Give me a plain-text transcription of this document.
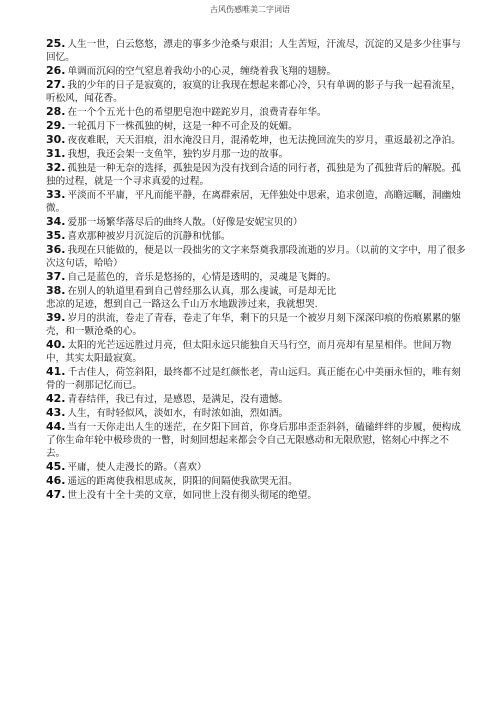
古风伤感唯美二字词语
25. 人生一世，白云悠悠，漂走的事多少沧桑与艰泪；人生苦短，汗流尽，沉淀的又是多少往事与回忆。
26. 单调而沉闷的空气窒息着我幼小的心灵，缠绕着我飞翔的翅膀。
27. 我的少年的日子是寂寞的，寂寞的让我现在想起来都心冷，只有单调的影子与我一起看流星，听松风，闻花香。
28. 在一个个五光十色的希望肥皂泡中蹉跎岁月，浪费青春年华。
29. 一轮孤月下一株孤独的树，这是一种不可企及的妩媚。
30. 夜夜难眠，天天泪痕，泪水淹没日月，混淆乾坤，也无法挽回流失的岁月，重返最初之净泊。
31. 我想，我还会架一支鱼竿，独钓岁月那一边的故事。
32. 孤独是一种无奈的选择，孤独是因为没有找到合适的同行者，孤独是为了孤独背后的解脱。孤独的过程，就是一个寻求真爱的过程。
33. 平淡而不平庸，平凡而能平静，在离群索居，无伴独处中思索，追求创造，高瞻远瞩，洞幽烛微。
34. 爱那一场繁华落尽后的曲终人散。（好像是安妮宝贝的）
35. 喜欢那种被岁月沉淀后的沉静和忧郁。
36. 我现在只能做的，便是以一段拙劣的文字来祭奠我那段流逝的岁月。（以前的文字中，用了很多次这句话，哈哈）
37. 自己是蓝色的，音乐是悠扬的，心情是透明的，灵魂是飞舞的。
38. 在别人的轨道里看到自己曾经那么认真，那么虔诚，可是却无比
悲凉的足迹，想到自己一路这么千山万水地跋涉过来，我就想哭.
39. 岁月的洪流，卷走了青春，卷走了年华，剩下的只是一个被岁月刻下深深印痕的伤痕累累的躯壳，和一颗沧桑的心。
40. 太阳的光芒远远胜过月亮，但太阳永远只能独自天马行空，而月亮却有星星相伴。世间万物中，其实太阳最寂寞。
41. 千古佳人，荷笠斜阳，最终都不过是红颜怅老，青山远归。真正能在心中美丽永恒的，唯有刻骨的一刹那记忆而已。
42. 青春结伴，我已有过，是感恩，是满足，没有遗憾。
43. 人生，有时轻似风，淡如水，有时浓如油，烈如酒。
44. 当有一天你走出人生的迷茫，在夕阳下回首，你身后那串歪歪斜斜，磕磕绊绊的步履，便构成了你生命年轮中极珍贵的一瞥，时刻回想起来都会令自己无限感动和无限欣慰，铭刻心中挥之不去。
45. 平庸，使人走漫长的路。（喜欢）
46. 遥远的距离使我相思成灰，阴阳的间隔使我欲哭无泪。
47. 世上没有十全十美的文章，如同世上没有彻头彻尾的绝望。
